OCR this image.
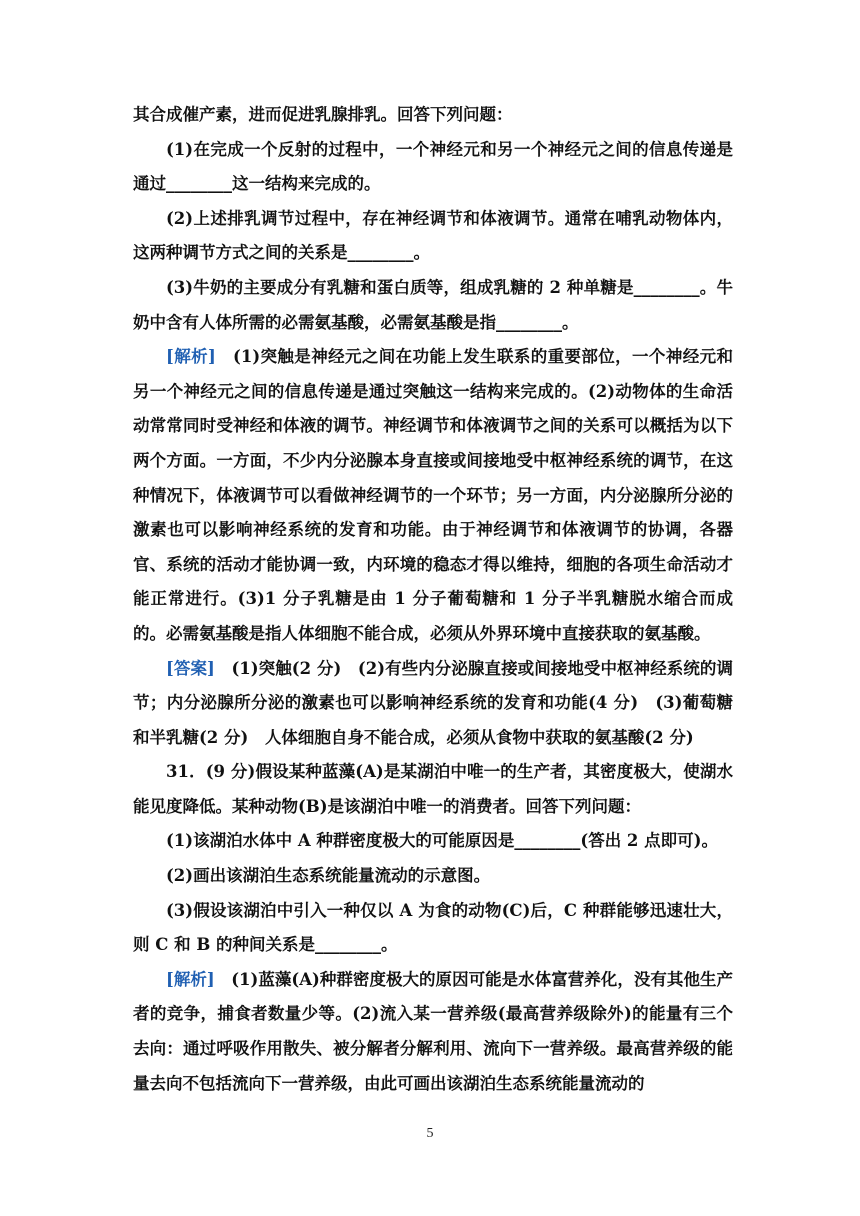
其合成催产素，进而促进乳腺排乳。回答下列问题：

(1)在完成一个反射的过程中，一个神经元和另一个神经元之间的信息传递是通过________这一结构来完成的。

(2)上述排乳调节过程中，存在神经调节和体液调节。通常在哺乳动物体内，这两种调节方式之间的关系是________。

(3)牛奶的主要成分有乳糖和蛋白质等，组成乳糖的 2 种单糖是________。牛奶中含有人体所需的必需氨基酸，必需氨基酸是指________。

[解析]　(1)突触是神经元之间在功能上发生联系的重要部位，一个神经元和另一个神经元之间的信息传递是通过突触这一结构来完成的。(2)动物体的生命活动常常同时受神经和体液的调节。神经调节和体液调节之间的关系可以概括为以下两个方面。一方面，不少内分泌腺本身直接或间接地受中枢神经系统的调节，在这种情况下，体液调节可以看做神经调节的一个环节；另一方面，内分泌腺所分泌的激素也可以影响神经系统的发育和功能。由于神经调节和体液调节的协调，各器官、系统的活动才能协调一致，内环境的稳态才得以维持，细胞的各项生命活动才能正常进行。(3)1 分子乳糖是由 1 分子葡萄糖和 1 分子半乳糖脱水缩合而成的。必需氨基酸是指人体细胞不能合成，必须从外界环境中直接获取的氨基酸。

[答案]　(1)突触(2 分)　(2)有些内分泌腺直接或间接地受中枢神经系统的调节；内分泌腺所分泌的激素也可以影响神经系统的发育和功能(4 分)　(3)葡萄糖和半乳糖(2 分)　人体细胞自身不能合成，必须从食物中获取的氨基酸(2 分)

31．(9 分)假设某种蓝藻(A)是某湖泊中唯一的生产者，其密度极大，使湖水能见度降低。某种动物(B)是该湖泊中唯一的消费者。回答下列问题：

(1)该湖泊水体中 A 种群密度极大的可能原因是________(答出 2 点即可)。

(2)画出该湖泊生态系统能量流动的示意图。

(3)假设该湖泊中引入一种仅以 A 为食的动物(C)后，C 种群能够迅速壮大，则 C 和 B 的种间关系是________。

[解析]　(1)蓝藻(A)种群密度极大的原因可能是水体富营养化，没有其他生产者的竞争，捕食者数量少等。(2)流入某一营养级(最高营养级除外)的能量有三个去向：通过呼吸作用散失、被分解者分解利用、流向下一营养级。最高营养级的能量去向不包括流向下一营养级，由此可画出该湖泊生态系统能量流动的

5
